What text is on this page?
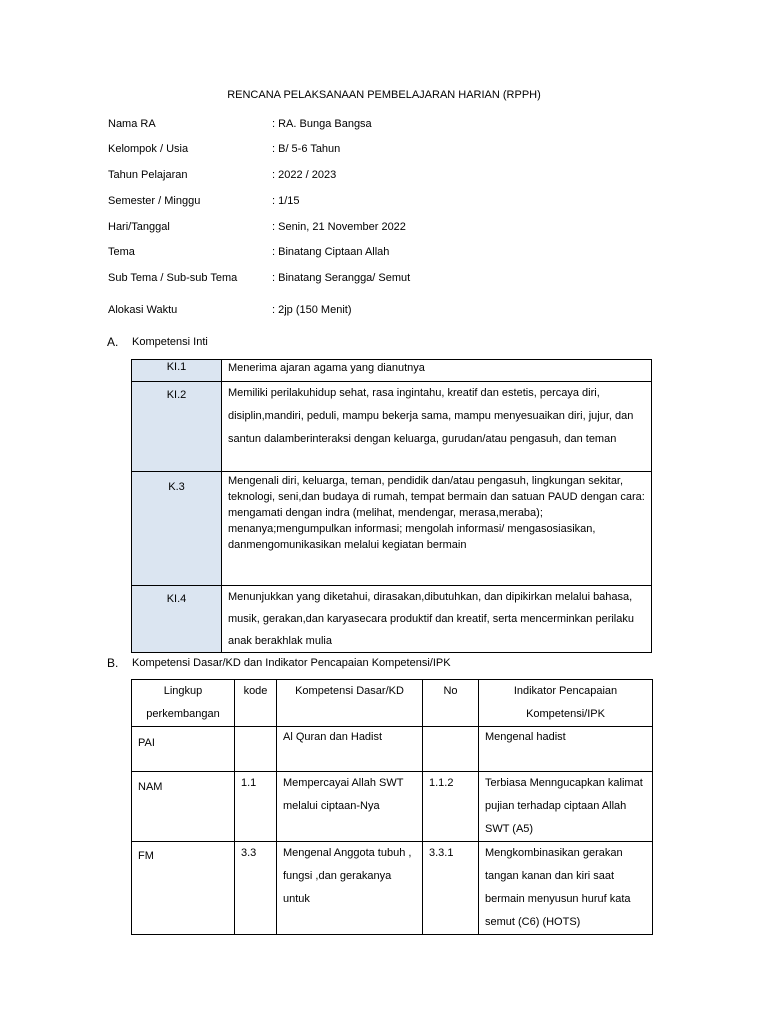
RENCANA PELAKSANAAN PEMBELAJARAN HARIAN (RPPH)
Nama RA	: RA. Bunga Bangsa
Kelompok / Usia	: B/ 5-6 Tahun
Tahun Pelajaran	: 2022 / 2023
Semester / Minggu	: 1/15
Hari/Tanggal	: Senin, 21 November 2022
Tema	: Binatang Ciptaan Allah
Sub Tema / Sub-sub Tema	: Binatang Serangga/ Semut
Alokasi Waktu	: 2jp (150 Menit)
A. Kompetensi Inti
KI.1	Menerima ajaran agama yang dianutnya

KI.2	Memiliki perilakuhidup sehat, rasa ingintahu, kreatif dan estetis, percaya diri, disiplin,mandiri, peduli, mampu bekerja sama, mampu menyesuaikan diri, jujur, dan santun dalamberinteraksi dengan keluarga, gurudan/atau pengasuh, dan teman

K.3	Mengenali diri, keluarga, teman, pendidik dan/atau pengasuh, lingkungan sekitar, teknologi, seni,dan budaya di rumah, tempat bermain dan satuan PAUD dengan cara: mengamati dengan indra (melihat, mendengar, merasa,meraba); menanya;mengumpulkan informasi; mengolah informasi/ mengasosiasikan, danmengomunikasikan melalui kegiatan bermain

KI.4	Menunjukkan yang diketahui, dirasakan,dibutuhkan, dan dipikirkan melalui bahasa, musik, gerakan,dan karyasecara produktif dan kreatif, serta mencerminkan perilaku anak berakhlak mulia
B. Kompetensi Dasar/KD dan Indikator Pencapaian Kompetensi/IPK
Lingkup perkembangan	kode	Kompetensi Dasar/KD	No	Indikator Pencapaian Kompetensi/IPK
PAI		Al Quran dan Hadist		Mengenal hadist
NAM	1.1	Mempercayai Allah SWT melalui ciptaan-Nya	1.1.2	Terbiasa Menngucapkan kalimat pujian terhadap ciptaan Allah SWT (A5)
FM	3.3	Mengenal Anggota tubuh , fungsi ,dan gerakanya untuk	3.3.1	Mengkombinasikan gerakan tangan kanan dan kiri saat bermain menyusun huruf kata semut (C6) (HOTS)
